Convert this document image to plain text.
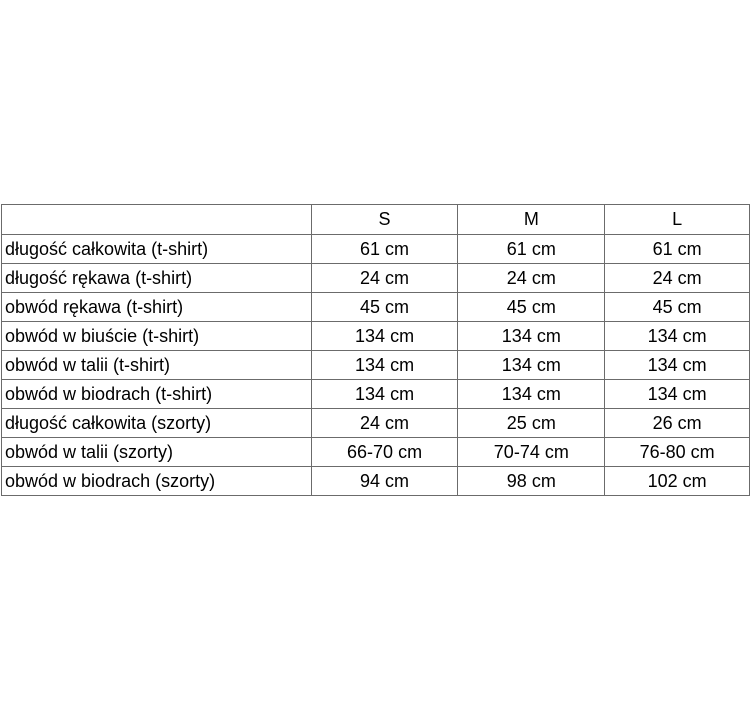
	S	M	L
długość całkowita (t-shirt)	61 cm	61 cm	61 cm
długość rękawa (t-shirt)	24 cm	24 cm	24 cm
obwód rękawa (t-shirt)	45 cm	45 cm	45 cm
obwód w biuście (t-shirt)	134 cm	134 cm	134 cm
obwód w talii (t-shirt)	134 cm	134 cm	134 cm
obwód w biodrach (t-shirt)	134 cm	134 cm	134 cm
długość całkowita (szorty)	24 cm	25 cm	26 cm
obwód w talii (szorty)	66-70 cm	70-74 cm	76-80 cm
obwód w biodrach (szorty)	94 cm	98 cm	102 cm
